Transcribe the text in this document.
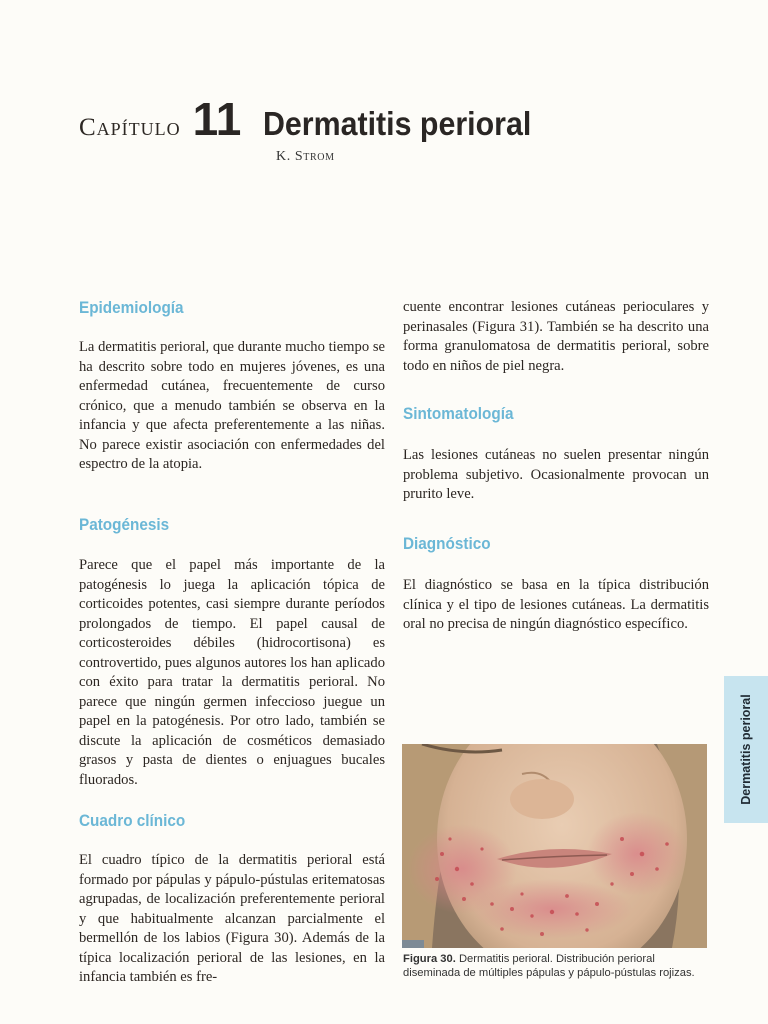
Capítulo 11 Dermatitis perioral
K. Strom
Epidemiología

La dermatitis perioral, que durante mucho tiempo se ha descrito sobre todo en mujeres jóvenes, es una enfermedad cutánea, frecuentemente de curso crónico, que a menudo también se observa en la infancia y que afecta preferentemente a las niñas. No parece existir asociación con enfermedades del espectro de la atopia.

Patogénesis

Parece que el papel más importante de la patogénesis lo juega la aplicación tópica de corticoides potentes, casi siempre durante períodos prolongados de tiempo. El papel causal de corticosteroides débiles (hidrocortisona) es controvertido, pues algunos autores los han aplicado con éxito para tratar la dermatitis perioral. No parece que ningún germen infeccioso juegue un papel en la patogénesis. Por otro lado, también se discute la aplicación de cosméticos demasiado grasos y pasta de dientes o enjuagues bucales fluorados.

Cuadro clínico

El cuadro típico de la dermatitis perioral está formado por pápulas y pápulo-pústulas eritematosas agrupadas, de localización preferentemente perioral y que habitualmente alcanzan parcialmente el bermellón de los labios (Figura 30). Además de la típica localización perioral de las lesiones, en la infancia también es fre-

cuente encontrar lesiones cutáneas perioculares y perinasales (Figura 31). También se ha descrito una forma granulomatosa de dermatitis perioral, sobre todo en niños de piel negra.

Sintomatología

Las lesiones cutáneas no suelen presentar ningún problema subjetivo. Ocasionalmente provocan un prurito leve.

Diagnóstico

El diagnóstico se basa en la típica distribución clínica y el tipo de lesiones cutáneas. La dermatitis oral no precisa de ningún diagnóstico específico.

Dermatitis perioral

Figura 30. Dermatitis perioral. Distribución perioral diseminada de múltiples pápulas y pápulo-pústulas rojizas.
